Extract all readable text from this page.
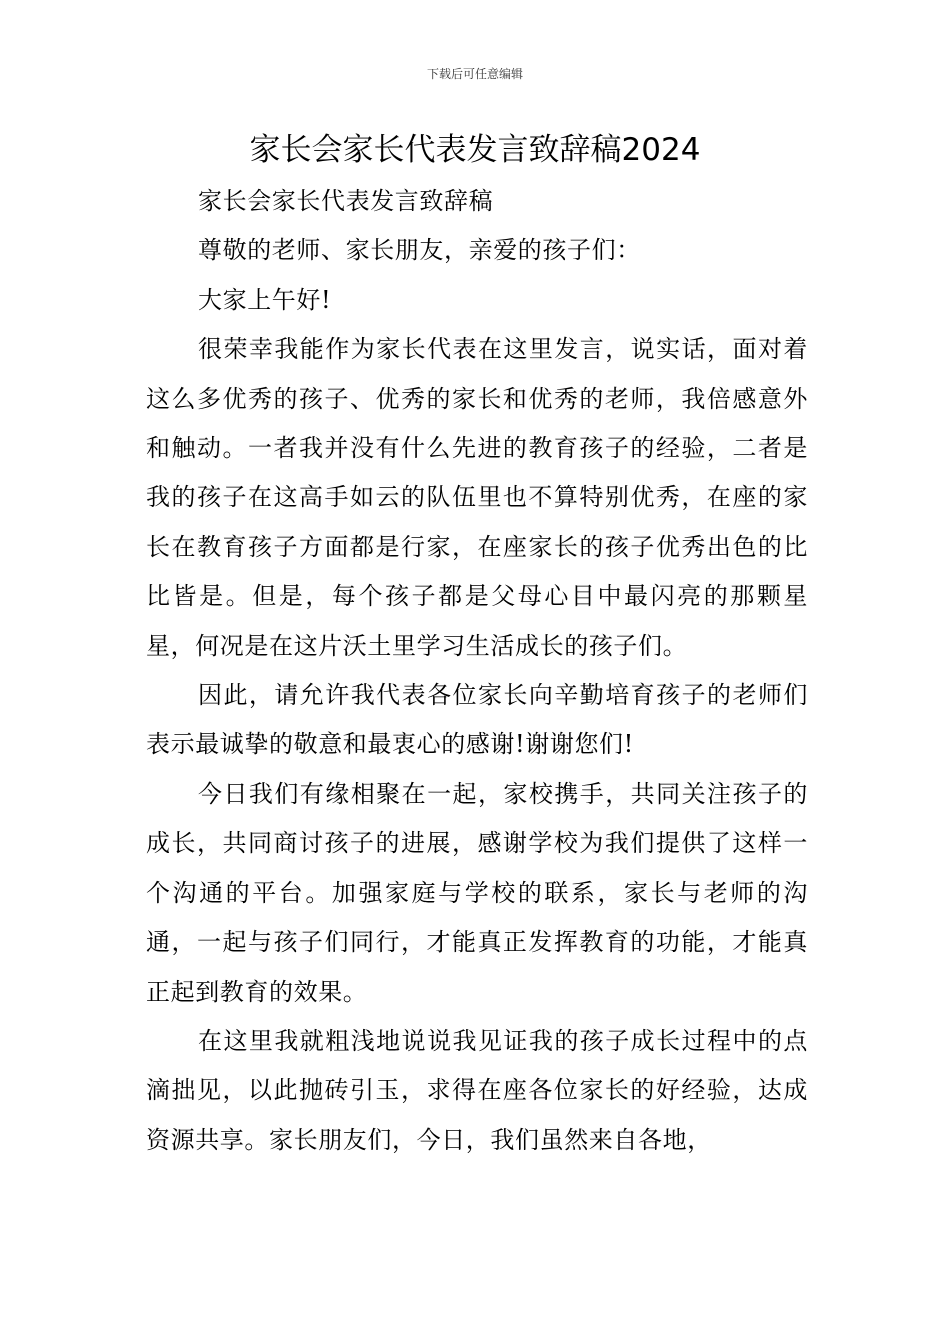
下载后可任意编辑
家长会家长代表发言致辞稿2024

家长会家长代表发言致辞稿

尊敬的老师、家长朋友，亲爱的孩子们：

大家上午好!

很荣幸我能作为家长代表在这里发言，说实话，面对着这么多优秀的孩子、优秀的家长和优秀的老师，我倍感意外和触动。一者我并没有什么先进的教育孩子的经验，二者是我的孩子在这高手如云的队伍里也不算特别优秀，在座的家长在教育孩子方面都是行家，在座家长的孩子优秀出色的比比皆是。但是，每个孩子都是父母心目中最闪亮的那颗星星，何况是在这片沃土里学习生活成长的孩子们。

因此，请允许我代表各位家长向辛勤培育孩子的老师们表示最诚挚的敬意和最衷心的感谢!谢谢您们!

今日我们有缘相聚在一起，家校携手，共同关注孩子的成长，共同商讨孩子的进展，感谢学校为我们提供了这样一个沟通的平台。加强家庭与学校的联系，家长与老师的沟通，一起与孩子们同行，才能真正发挥教育的功能，才能真正起到教育的效果。

在这里我就粗浅地说说我见证我的孩子成长过程中的点滴拙见，以此抛砖引玉，求得在座各位家长的好经验，达成资源共享。家长朋友们，今日，我们虽然来自各地，
